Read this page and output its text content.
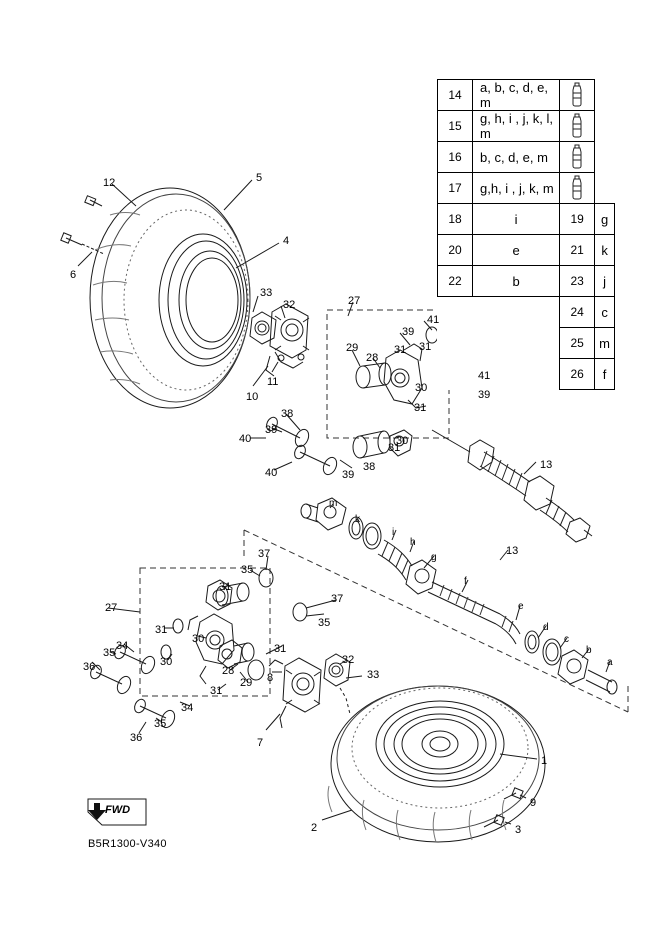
14	a, b, c, d, e, m	
15	g, h, i , j, k, l, m	
16	b, c, d, e, m	
17	g,h, i , j, k, m	
18	i	19	g
20	e	21	k
22	b	23	j
		24	c
		25	m
		26	f
12	5
4
6
33
32	27
39
41
29
28
31 31
41
39
30
31
10
11
38
39
40
31
30
38
39
40
13
m
k
i
h
g
13
f
e
d
c
b
a
37
35
37
35
27
31
31
30
30
31
34
35
36	28
29
31
34
35
36
8
7
32
33
1
9
3
2
FWD
B5R1300-V340
